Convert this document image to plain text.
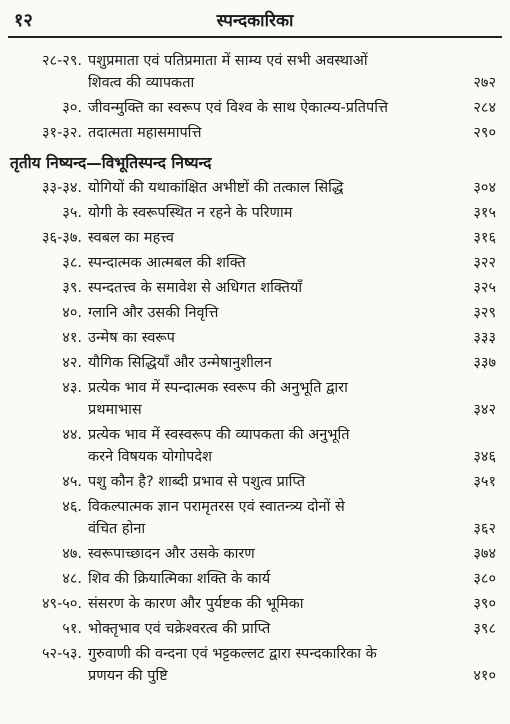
१२	स्पन्दकारिका
२८-२९. पशुप्रमाता एवं पतिप्रमाता में साम्य एवं सभी अवस्थाओं
शिवत्व की व्यापकता	२७२
३०. जीवन्मुक्ति का स्वरूप एवं विश्व के साथ ऐकात्म्य-प्रतिपत्ति	२८४
३१-३२. तदात्मता महासमापत्ति	२९०
तृतीय निष्यन्द—विभूतिस्पन्द निष्यन्द
३३-३४. योगियों की यथाकांक्षित अभीष्टों की तत्काल सिद्धि	३०४
३५. योगी के स्वरूपस्थित न रहने के परिणाम	३१५
३६-३७. स्वबल का महत्त्व	३१६
३८. स्पन्दात्मक आत्मबल की शक्ति	३२२
३९. स्पन्दतत्त्व के समावेश से अधिगत शक्तियाँ	३२५
४०. ग्लानि और उसकी निवृत्ति	३२९
४१. उन्मेष का स्वरूप	३३३
४२. यौगिक सिद्धियाँ और उन्मेषानुशीलन	३३७
४३. प्रत्येक भाव में स्पन्दात्मक स्वरूप की अनुभूति द्वारा
प्रथमाभास	३४२
४४. प्रत्येक भाव में स्वस्वरूप की व्यापकता की अनुभूति
करने विषयक योगोपदेश	३४६
४५. पशु कौन है? शाब्दी प्रभाव से पशुत्व प्राप्ति	३५१
४६. विकल्पात्मक ज्ञान परामृतरस एवं स्वातन्त्र्य दोनों से
वंचित होना	३६२
४७. स्वरूपाच्छादन और उसके कारण	३७४
४८. शिव की क्रियात्मिका शक्ति के कार्य	३८०
४९-५०. संसरण के कारण और पुर्यष्टक की भूमिका	३९०
५१. भोक्तृभाव एवं चक्रेश्वरत्व की प्राप्ति	३९८
५२-५३. गुरुवाणी की वन्दना एवं भट्टकल्लट द्वारा स्पन्दकारिका के
प्रणयन की पुष्टि	४१०
